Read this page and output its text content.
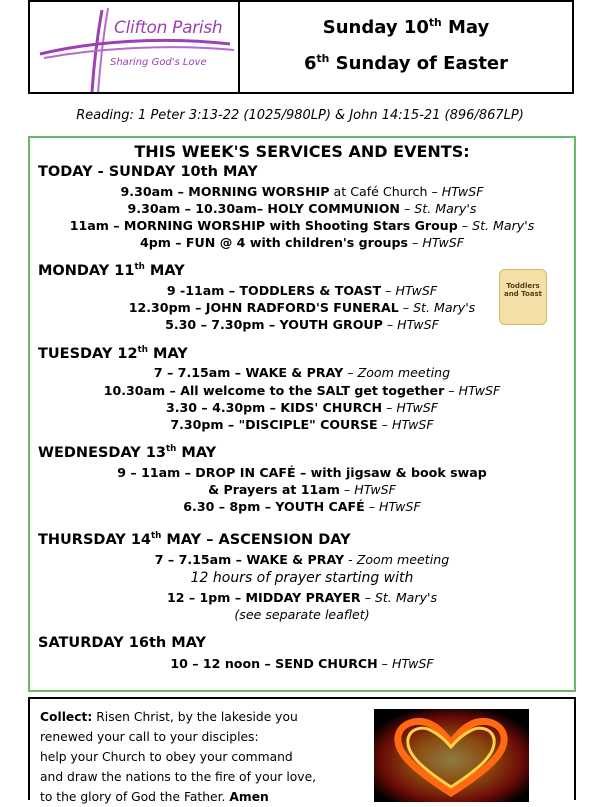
Clifton Parish
Sharing God's Love
Sunday 10th May
6th Sunday of Easter
Reading: 1 Peter 3:13-22 (1025/980LP) & John 14:15-21 (896/867LP)
THIS WEEK'S SERVICES AND EVENTS:
TODAY - SUNDAY 10th MAY
9.30am – MORNING WORSHIP at Café Church – HTwSF
9.30am – 10.30am– HOLY COMMUNION – St. Mary's
11am – MORNING WORSHIP with Shooting Stars Group – St. Mary's
4pm – FUN @ 4 with children's groups – HTwSF
MONDAY 11th MAY
9 -11am – TODDLERS & TOAST – HTwSF
12.30pm – JOHN RADFORD'S FUNERAL – St. Mary's
5.30 – 7.30pm – YOUTH GROUP – HTwSF
Toddlers and Toast
TUESDAY 12th MAY
7 – 7.15am – WAKE & PRAY – Zoom meeting
10.30am – All welcome to the SALT get together – HTwSF
3.30 – 4.30pm – KIDS' CHURCH – HTwSF
7.30pm – "DISCIPLE" COURSE – HTwSF
WEDNESDAY 13th MAY
9 – 11am – DROP IN CAFÉ – with jigsaw & book swap
& Prayers at 11am – HTwSF
6.30 – 8pm – YOUTH CAFÉ – HTwSF
THURSDAY 14th MAY – ASCENSION DAY
7 – 7.15am – WAKE & PRAY - Zoom meeting
12 hours of prayer starting with
12 – 1pm – MIDDAY PRAYER – St. Mary's
(see separate leaflet)
SATURDAY 16th MAY
10 – 12 noon – SEND CHURCH – HTwSF
Collect: Risen Christ, by the lakeside you
renewed your call to your disciples:
help your Church to obey your command
and draw the nations to the fire of your love,
to the glory of God the Father. Amen
